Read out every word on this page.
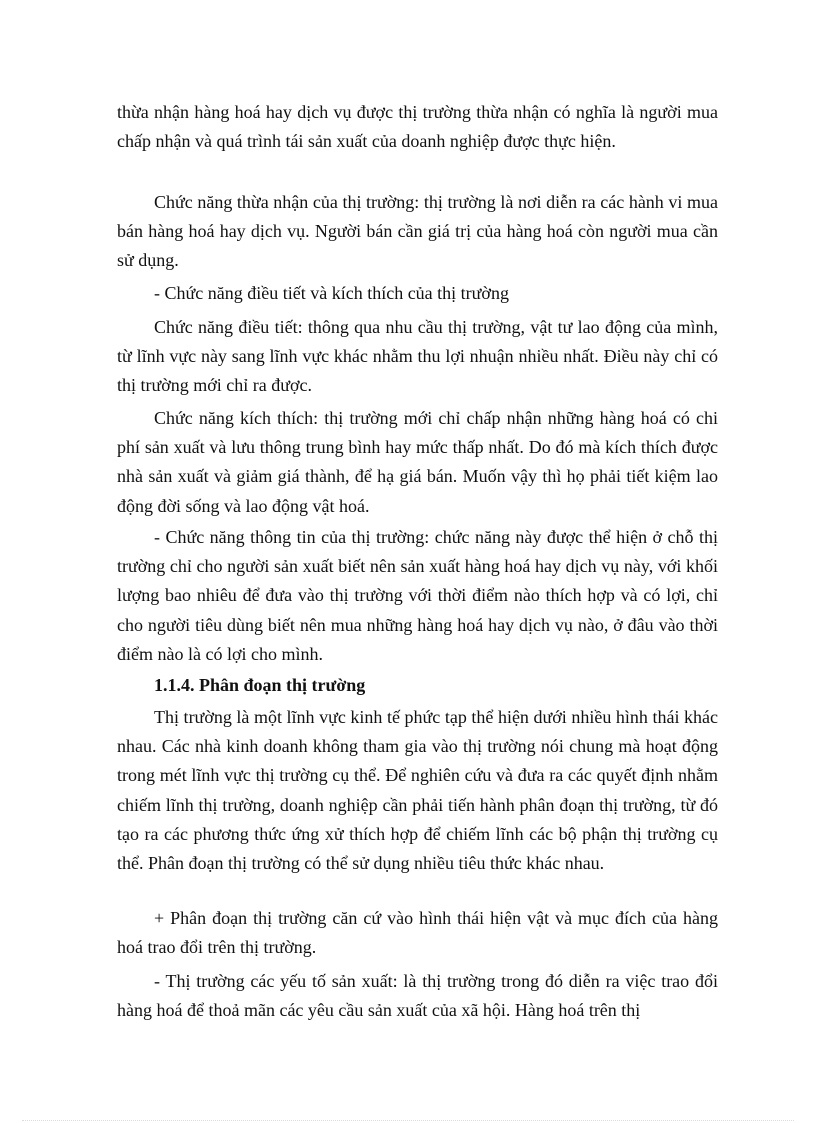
thừa nhận hàng hoá hay dịch vụ được thị trường thừa nhận có nghĩa là người mua chấp nhận và quá trình tái sản xuất của doanh nghiệp được thực hiện.

Chức năng thừa nhận của thị trường: thị trường là nơi diễn ra các hành vi mua bán hàng hoá hay dịch vụ. Người bán cần giá trị của hàng hoá còn người mua cần sử dụng.

- Chức năng điều tiết và kích thích của thị trường

Chức năng điều tiết: thông qua nhu cầu thị trường, vật tư lao động của mình, từ lĩnh vực này sang lĩnh vực khác nhằm thu lợi nhuận nhiều nhất. Điều này chỉ có thị trường mới chỉ ra được.

Chức năng kích thích: thị trường mới chỉ chấp nhận những hàng hoá có chi phí sản xuất và lưu thông trung bình hay mức thấp nhất. Do đó mà kích thích được nhà sản xuất và giảm giá thành, để hạ giá bán. Muốn vậy thì họ phải tiết kiệm lao động đời sống và lao động vật hoá.

- Chức năng thông tin của thị trường: chức năng này được thể hiện ở chỗ thị trường chỉ cho người sản xuất biết nên sản xuất hàng hoá hay dịch vụ này, với khối lượng bao nhiêu để đưa vào thị trường với thời điểm nào thích hợp và có lợi, chỉ cho người tiêu dùng biết nên mua những hàng hoá hay dịch vụ nào, ở đâu vào thời điểm nào là có lợi cho mình.

1.1.4. Phân đoạn thị trường

Thị trường là một lĩnh vực kinh tế phức tạp thể hiện dưới nhiều hình thái khác nhau. Các nhà kinh doanh không tham gia vào thị trường nói chung mà hoạt động trong mét lĩnh vực thị trường cụ thể. Để nghiên cứu và đưa ra các quyết định nhằm chiếm lĩnh thị trường, doanh nghiệp cần phải tiến hành phân đoạn thị trường, từ đó tạo ra các phương thức ứng xử thích hợp để chiếm lĩnh các bộ phận thị trường cụ thể. Phân đoạn thị trường có thể sử dụng nhiều tiêu thức khác nhau.

+ Phân đoạn thị trường căn cứ vào hình thái hiện vật và mục đích của hàng hoá trao đổi trên thị trường.

- Thị trường các yếu tố sản xuất: là thị trường trong đó diễn ra việc trao đổi hàng hoá để thoả mãn các yêu cầu sản xuất của xã hội. Hàng hoá trên thị
